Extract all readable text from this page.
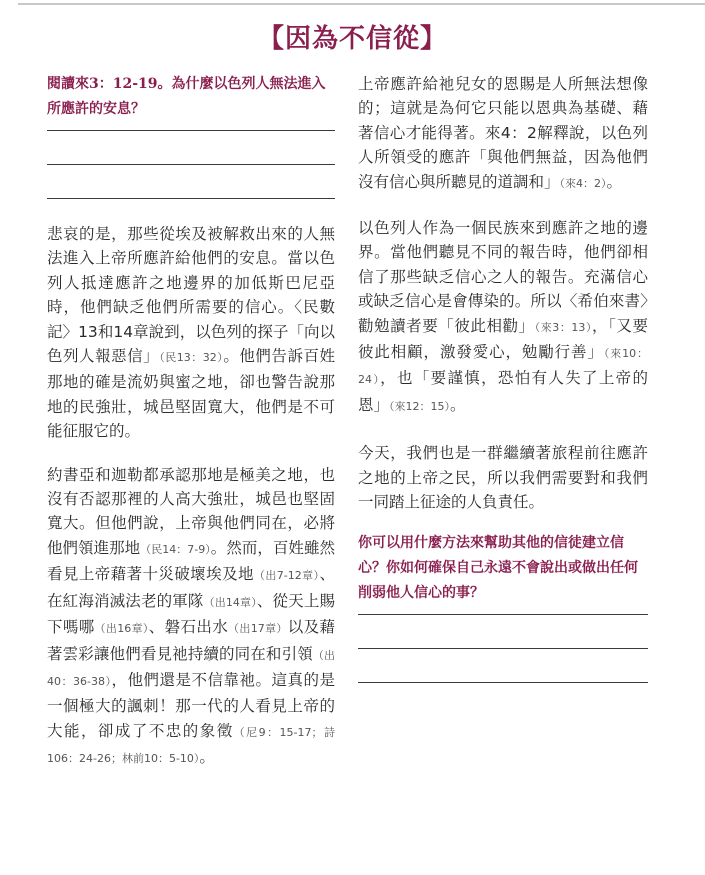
【因為不信從】
閱讀來3：12-19。為什麼以色列人無法進入所應許的安息？

悲哀的是，那些從埃及被解救出來的人無法進入上帝所應許給他們的安息。當以色列人抵達應許之地邊界的加低斯巴尼亞時，他們缺乏他們所需要的信心。〈民數記〉13和14章說到，以色列的探子「向以色列人報惡信」（民13：32）。他們告訴百姓那地的確是流奶與蜜之地，卻也警告說那地的民強壯，城邑堅固寬大，他們是不可能征服它的。

約書亞和迦勒都承認那地是極美之地，也沒有否認那裡的人高大強壯，城邑也堅固寬大。但他們說，上帝與他們同在，必將他們領進那地（民14：7-9）。然而，百姓雖然看見上帝藉著十災破壞埃及地（出7-12章）、在紅海消滅法老的軍隊（出14章）、從天上賜下嗎哪（出16章）、磐石出水（出17章）以及藉著雲彩讓他們看見祂持續的同在和引領（出40：36-38），他們還是不信靠祂。這真的是一個極大的諷刺！那一代的人看見上帝的大能，卻成了不忠的象徵（尼9：15-17；詩106：24-26；林前10：5-10）。

上帝應許給祂兒女的恩賜是人所無法想像的；這就是為何它只能以恩典為基礎、藉著信心才能得著。來4：2解釋說，以色列人所領受的應許「與他們無益，因為他們沒有信心與所聽見的道調和」（來4：2）。

以色列人作為一個民族來到應許之地的邊界。當他們聽見不同的報告時，他們卻相信了那些缺乏信心之人的報告。充滿信心或缺乏信心是會傳染的。所以〈希伯來書〉勸勉讀者要「彼此相勸」（來3：13），「又要彼此相顧，激發愛心，勉勵行善」（來10：24），也「要謹慎，恐怕有人失了上帝的恩」（來12：15）。

今天，我們也是一群繼續著旅程前往應許之地的上帝之民，所以我們需要對和我們一同踏上征途的人負責任。

你可以用什麼方法來幫助其他的信徒建立信心？你如何確保自己永遠不會說出或做出任何削弱他人信心的事？
